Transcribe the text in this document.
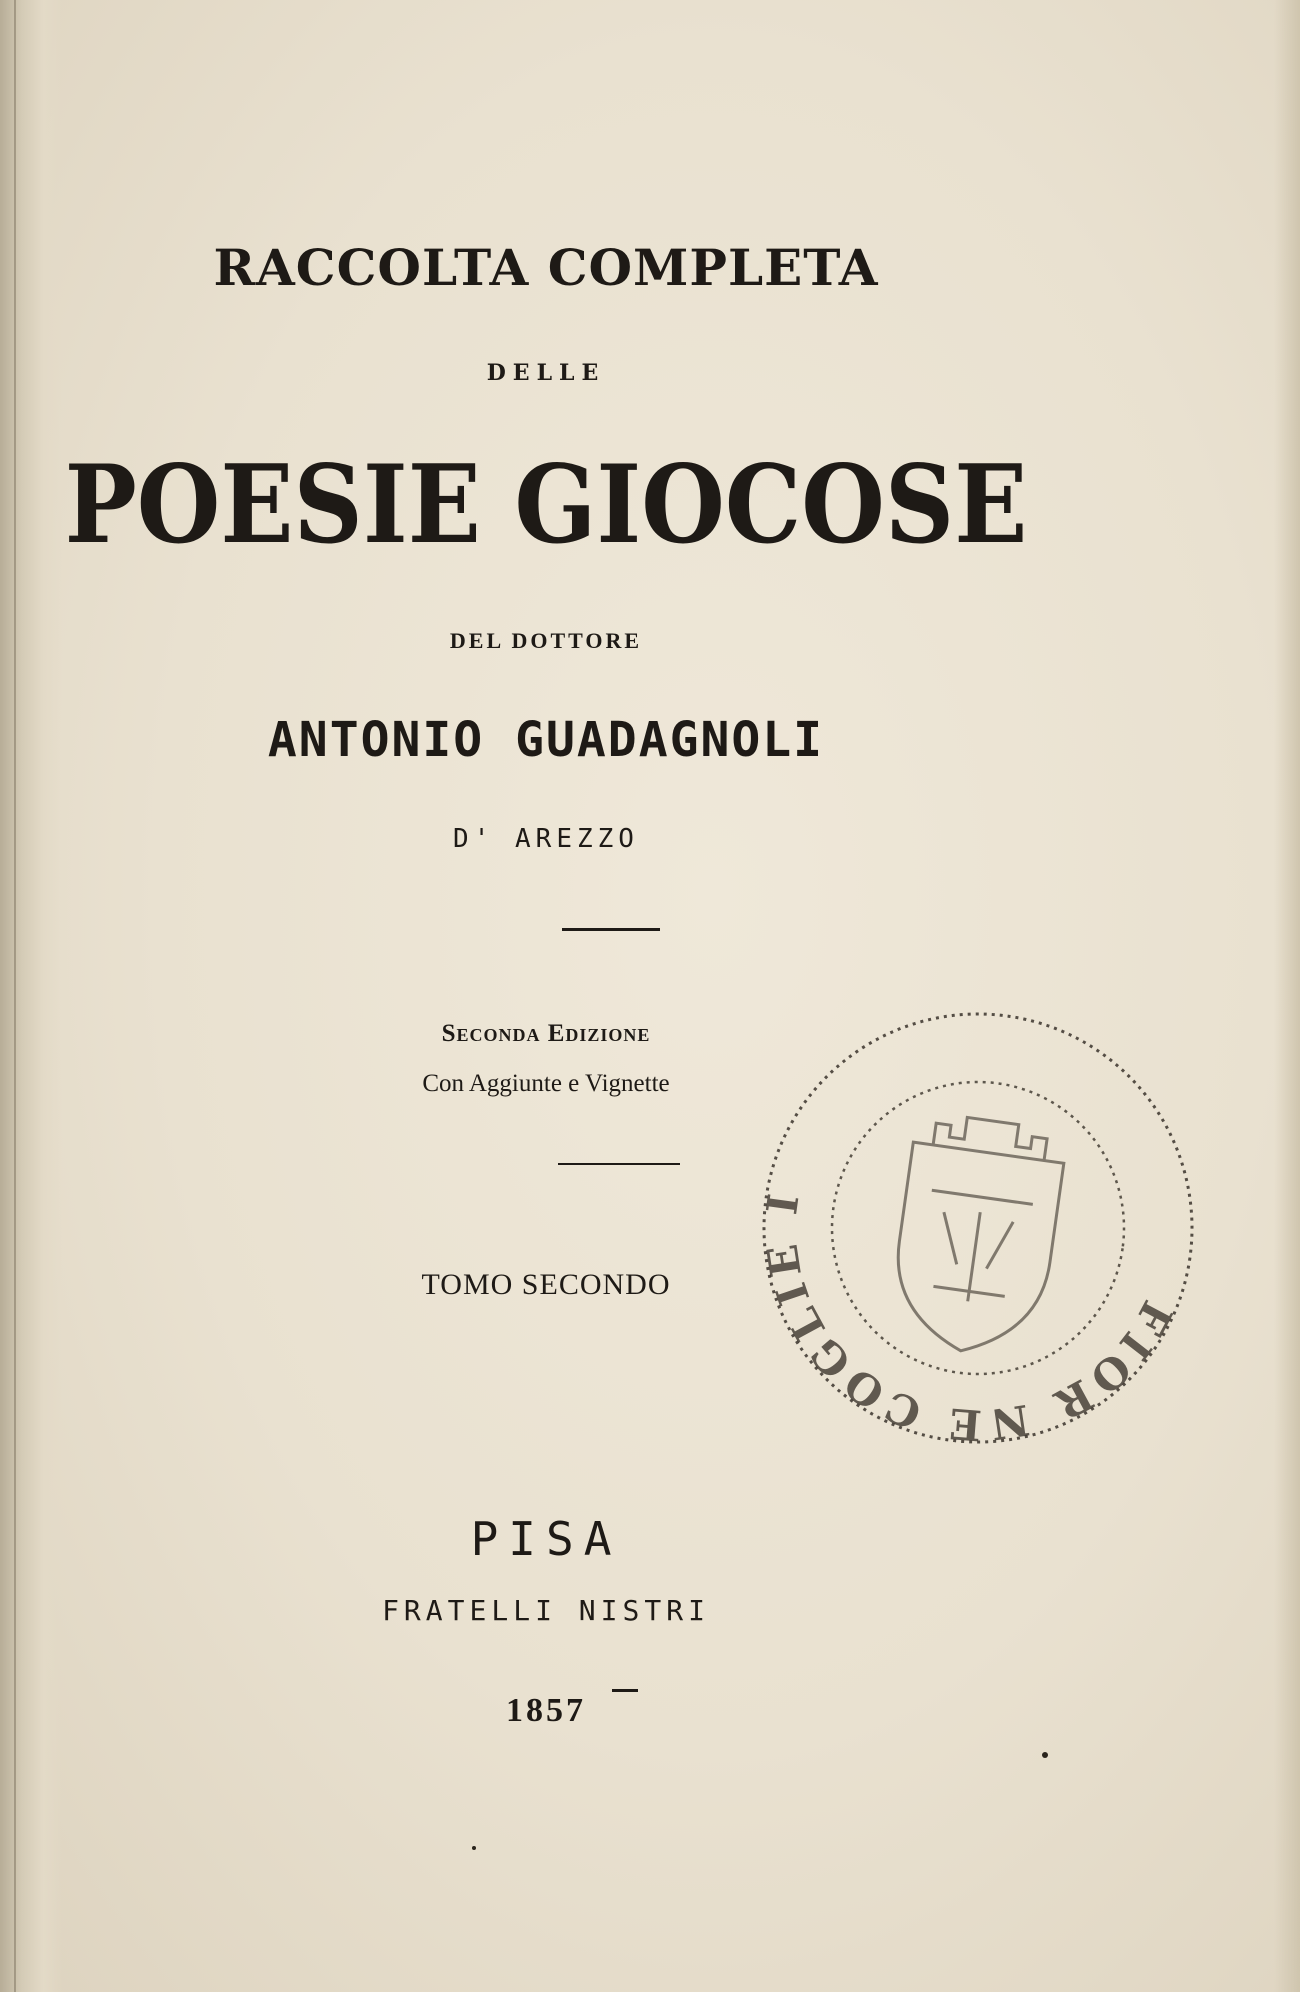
RACCOLTA COMPLETA
DELLE
POESIE GIOCOSE
DEL DOTTORE
ANTONIO GUADAGNOLI
D' AREZZO
Seconda Edizione
Con Aggiunte e Vignette
TOMO SECONDO
PISA
FRATELLI NISTRI
1857
FIOR NE COGLIE IL
